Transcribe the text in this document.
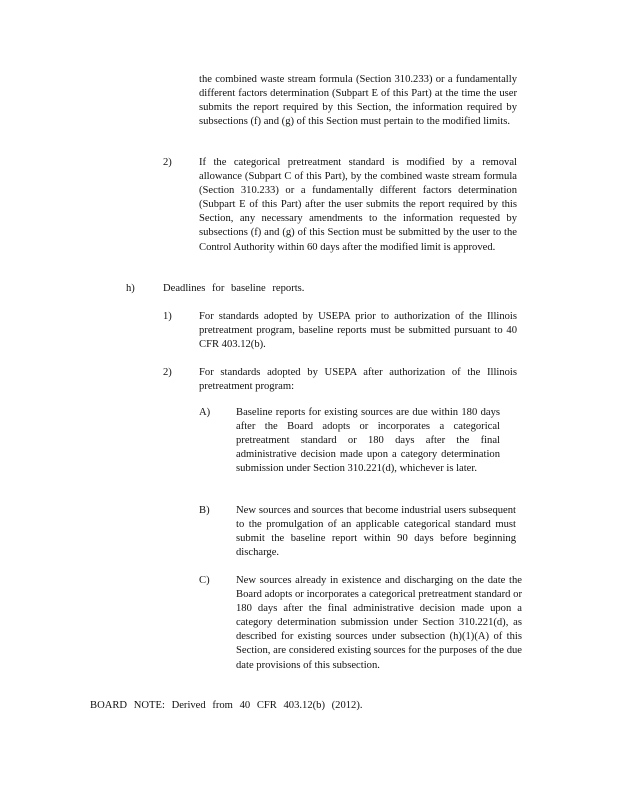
the combined waste stream formula (Section 310.233) or a fundamentally different factors determination (Subpart E of this Part) at the time the user submits the report required by this Section, the information required by subsections (f) and (g) of this Section must pertain to the modified limits.

2)	If the categorical pretreatment standard is modified by a removal allowance (Subpart C of this Part), by the combined waste stream formula (Section 310.233) or a fundamentally different factors determination (Subpart E of this Part) after the user submits the report required by this Section, any necessary amendments to the information requested by subsections (f) and (g) of this Section must be submitted by the user to the Control Authority within 60 days after the modified limit is approved.

h)	Deadlines for baseline reports.
1)	For standards adopted by USEPA prior to authorization of the Illinois pretreatment program, baseline reports must be submitted pursuant to 40 CFR 403.12(b).

2)	For standards adopted by USEPA after authorization of the Illinois pretreatment program:

A) Baseline reports for existing sources are due within 180 days after the Board adopts or incorporates a categorical pretreatment standard or 180 days after the final administrative decision made upon a category determination submission under Section 310.221(d), whichever is later.

B) New sources and sources that become industrial users subsequent to the promulgation of an applicable categorical standard must submit the baseline report within 90 days before beginning discharge.

C) New sources already in existence and discharging on the date the Board adopts or incorporates a categorical pretreatment standard or 180 days after the final administrative decision made upon a category determination submission under Section 310.221(d), as described for existing sources under subsection (h)(1)(A) of this Section, are considered existing sources for the purposes of the due date provisions of this subsection.

BOARD NOTE: Derived from 40 CFR 403.12(b) (2012).
